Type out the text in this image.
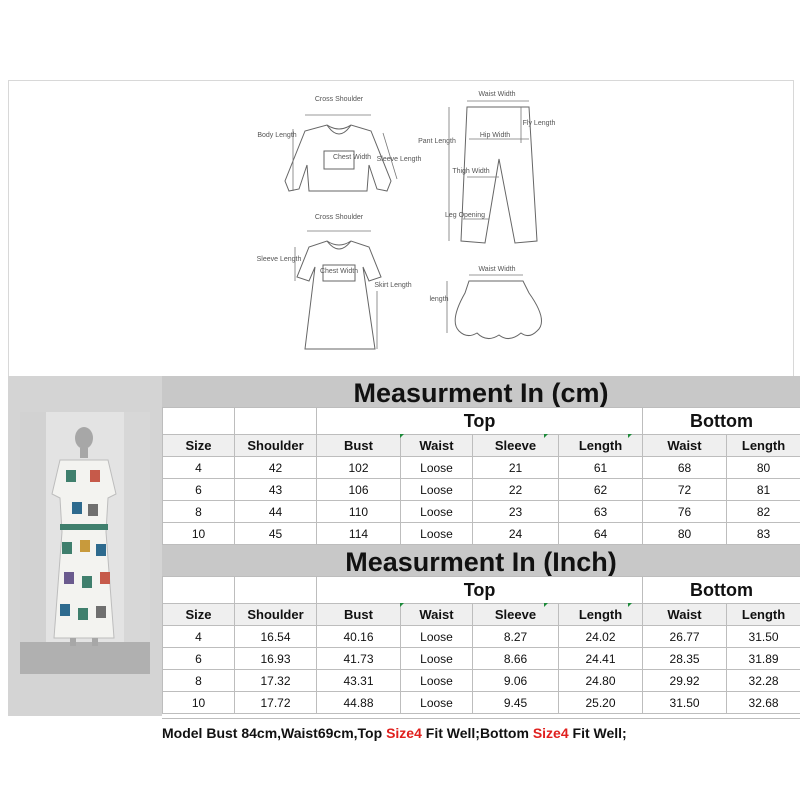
Cross Shoulder
Body Length
Chest Width Sleeve Length
Waist Width
Pant Length
Hip Width
Fly Length
Thigh Width
Leg Opening
Cross Shoulder
Sleeve Length
Chest Width
Skirt Length
Waist Width
length
Measurment In (cm)
		Top				Bottom	
Size	Shoulder	Bust	Waist	Sleeve	Length	Waist	Length
4	42	102	Loose	21	61	68	80
6	43	106	Loose	22	62	72	81
8	44	110	Loose	23	63	76	82
10	45	114	Loose	24	64	80	83
Measurment In (Inch)
		Top				Bottom	
Size	Shoulder	Bust	Waist	Sleeve	Length	Waist	Length
4	16.54	40.16	Loose	8.27	24.02	26.77	31.50
6	16.93	41.73	Loose	8.66	24.41	28.35	31.89
8	17.32	43.31	Loose	9.06	24.80	29.92	32.28
10	17.72	44.88	Loose	9.45	25.20	31.50	32.68
Model Bust 84cm,Waist69cm,Top Size4 Fit Well;Bottom Size4 Fit Well;
